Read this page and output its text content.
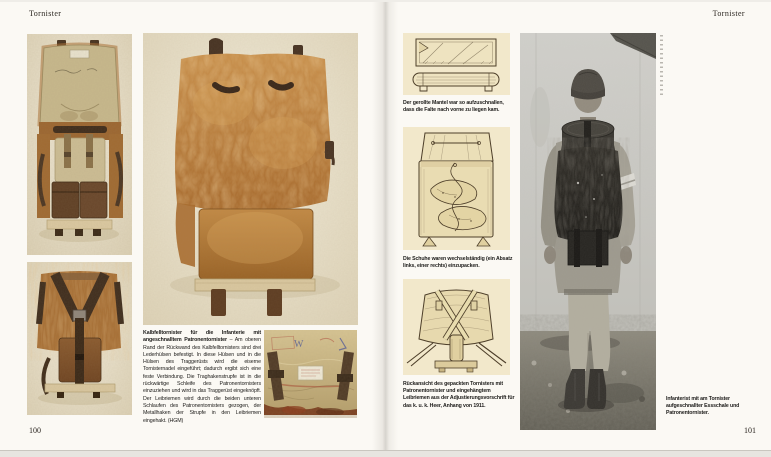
Tornister

Kalbfelltornister für die Infanterie mit angeschnalltem Patronentornister – Am oberen Rand der Rückwand des Kalbfelltornisters sind drei Lederhülsen befestigt. In diese Hülsen und in die Hülsen des Traggerüsts wird die eiserne Tornisternadel eingeführt; dadurch ergibt sich eine feste Verbindung. Die Traghakenstrupfe ist in die rückwärtige Schleife des Patronentornisters einzuziehen und wird in das Traggerüst eingeknöpft. Der Leibriemen wird durch die beiden unteren Schlaufen des Patronentornisters gezogen, der Metallhaken der Strupfe in den Leibriemen eingehakt. (HGM)

100
Tornister

Der gerollte Mantel war so aufzuschnallen, dass die Falte nach vorne zu liegen kam.

Die Schuhe waren wechselständig (ein Absatz links, einer rechts) einzupacken.

Rückansicht des gepackten Tornisters mit Patronentornister und eingehängtem Leibriemen aus der Adjustierungsvorschrift für das k. u. k. Heer, Anhang von 1911.

Infanterist mit am Tornister aufgeschnallter Essschale und Patronentornister.

101
